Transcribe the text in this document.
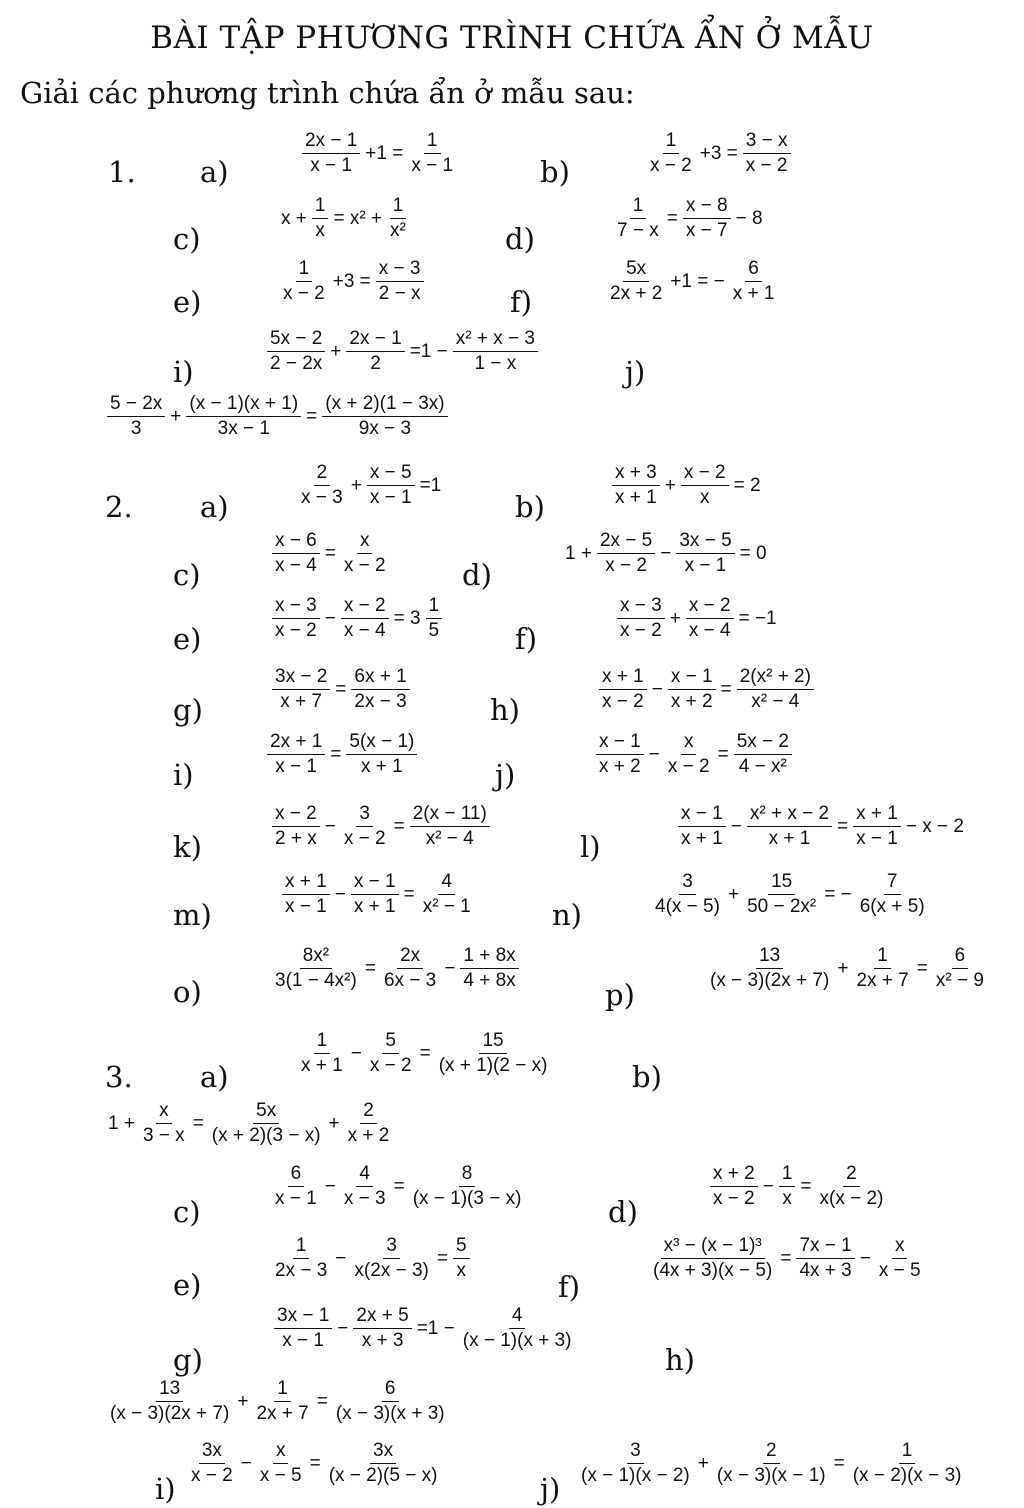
BÀI TẬP PHƯƠNG TRÌNH CHỨA ẨN Ở MẪU
Giải các phương trình chứa ẩn ở mẫu sau:
1. a)	$\frac{2x - 1}{x - 1} +1 = \frac{1}{x - 1}$	b)	$\frac{1}{x - 2} +3 = \frac{3 - x}{x - 2}$
c)
$x + \frac{1}{x} = x^2 + \frac{1}{\text{x²}}$	d)	$\frac{1}{7 - x} = \frac{x - 8}{x - 7} - 8$
e)	$\frac{1}{x - 2} +3 = \frac{x - 3}{2 - x}$	f)	$\frac{5x}{2x + 2} +1$ = − $\frac{6}{x + 1}$
i)	$\frac{5x - 2}{2 - 2x} + \frac{2x - 1}{2} =1 - \frac{\text{x² + x − 3}}{1 - x}$	j)
$\frac{5 - 2x}{3} + \frac{(x - 1)(x + 1)}{3x - 1} = \frac{(x + 2)(1 - 3x)}{9x - 3}$
2. a)	$\frac{2}{x - 3} + \frac{x - 5}{x - 1} =1$
b)	$\frac{x + 3}{x + 1} + \frac{x - 2}{x} = 2$
c)	$\frac{x - 6}{x - 4} = \frac{x}{x - 2}$	d)
$1 + \frac{2x - 5}{x - 2} - \frac{3x - 5}{x - 1} = 0$
e)	$\frac{x - 3}{x - 2} - \frac{x - 2}{x - 4} = 3 \frac{1}{5}$	f)	$\frac{x - 3}{x - 2} + \frac{x - 2}{x - 4} = -1$
g)	$\frac{3x - 2}{x + 7} = \frac{6x + 1}{2x - 3}$	h)	$\frac{x + 1}{x - 2} - \frac{x - 1}{x + 2} = \frac{\text{2(x² + 2)}}{\text{x² − 4}}$
i)	$\frac{2x + 1}{x - 1} = \frac{5(x - 1)}{x + 1}$	j)	$\frac{x - 1}{x + 2} - \frac{x}{x - 2} = \frac{5x - 2}{\text{4 − x²}}$
k)	$\frac{x - 2}{2 + x} - \frac{3}{x - 2} = \frac{2(x - 11)}{\text{x² − 4}}$	l)	$\frac{x - 1}{x + 1} - \frac{\text{x² + x − 2}}{x + 1} = \frac{x + 1}{x - 1} - x - 2$
m)	$\frac{x + 1}{x - 1} - \frac{x - 1}{x + 1} = \frac{4}{\text{x² − 1}}$	n)	$\frac{3}{4(x - 5)} + \frac{15}{\text{50 − 2x²}}$ = − $\frac{7}{6(x + 5)}$
o)	$\frac{\text{8x²}}{\text{3(1 − 4x²)}} = \frac{2x}{6x - 3} - \frac{1 + 8x}{4 + 8x}$
p)
$\frac{13}{(x - 3)(2x + 7)} + \frac{1}{2x + 7} = \frac{6}{\text{x² − 9}}$
3. a)	$\frac{1}{x + 1} - \frac{5}{x - 2} = \frac{15}{(x + 1)(2 - x)}$	b)
$1 + \frac{x}{3 - x} = \frac{5x}{(x + 2)(3 - x)} + \frac{2}{x + 2}$
c)
$\frac{6}{x - 1} - \frac{4}{x - 3} = \frac{8}{(x - 1)(3 - x)}$
d)
$\frac{x + 2}{x - 2} - \frac{1}{x} = \frac{2}{x(x - 2)}$
e)
$\frac{1}{2x - 3} - \frac{3}{x(2x - 3)} = \frac{5}{x}$
f)
$\frac{\text{x³ − (x − 1)³}}{(4x + 3)(x - 5)} = \frac{7x - 1}{4x + 3} - \frac{x}{x - 5}$
g)
$\frac{3x - 1}{x - 1} - \frac{2x + 5}{x + 3} =1 - \frac{4}{(x - 1)(x + 3)}$
h)
$\frac{13}{(x - 3)(2x + 7)} + \frac{1}{2x + 7} = \frac{6}{(x - 3)(x + 3)}$
i)
$\frac{3x}{x - 2} - \frac{x}{x - 5} = \frac{3x}{(x - 2)(5 - x)}$
j)
$\frac{3}{(x - 1)(x - 2)} + \frac{2}{(x - 3)(x - 1)} = \frac{1}{(x - 2)(x - 3)}$
